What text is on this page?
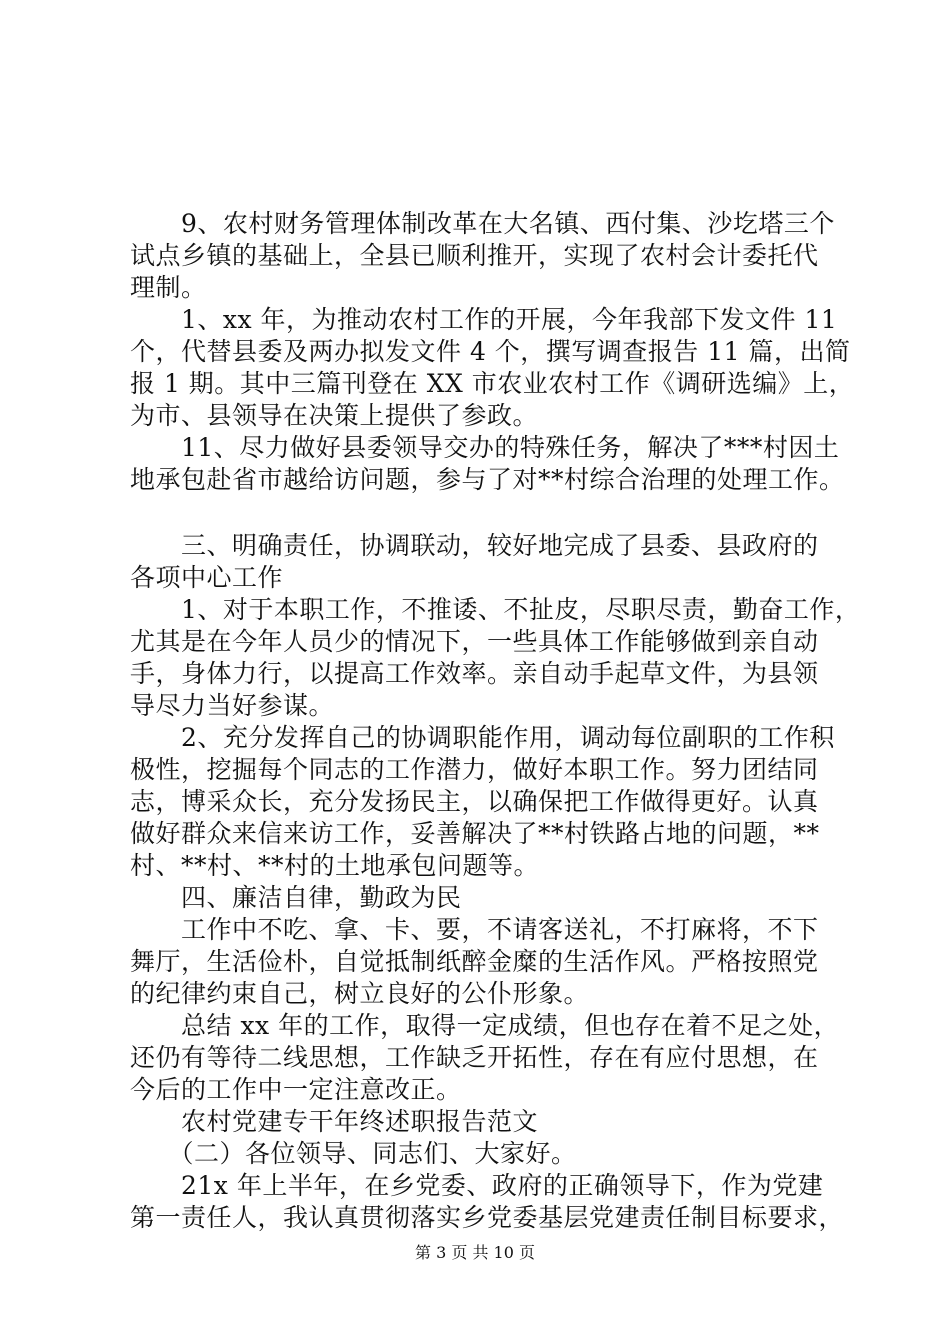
　　9、农村财务管理体制改革在大名镇、西付集、沙圪塔三个
试点乡镇的基础上，全县已顺利推开，实现了农村会计委托代
理制。
　　1、xx 年，为推动农村工作的开展，今年我部下发文件 11
个，代替县委及两办拟发文件 4 个，撰写调查报告 11 篇，出简
报 1 期。其中三篇刊登在 XX 市农业农村工作《调研选编》上，
为市、县领导在决策上提供了参政。
　　11、尽力做好县委领导交办的特殊任务，解决了***村因土
地承包赴省市越给访问题，参与了对**村综合治理的处理工作。
　　三、明确责任，协调联动，较好地完成了县委、县政府的
各项中心工作
　　1、对于本职工作，不推诿、不扯皮，尽职尽责，勤奋工作，
尤其是在今年人员少的情况下，一些具体工作能够做到亲自动
手，身体力行，以提高工作效率。亲自动手起草文件，为县领
导尽力当好参谋。
　　2、充分发挥自己的协调职能作用，调动每位副职的工作积
极性，挖掘每个同志的工作潜力，做好本职工作。努力团结同
志，博采众长，充分发扬民主，以确保把工作做得更好。认真
做好群众来信来访工作，妥善解决了**村铁路占地的问题，**
村、**村、**村的土地承包问题等。
　　四、廉洁自律，勤政为民
　　工作中不吃、拿、卡、要，不请客送礼，不打麻将，不下
舞厅，生活俭朴，自觉抵制纸醉金糜的生活作风。严格按照党
的纪律约束自己，树立良好的公仆形象。
　　总结 xx 年的工作，取得一定成绩，但也存在着不足之处，
还仍有等待二线思想，工作缺乏开拓性，存在有应付思想，在
今后的工作中一定注意改正。
　　农村党建专干年终述职报告范文
　　（二）各位领导、同志们、大家好。
　　21x 年上半年，在乡党委、政府的正确领导下，作为党建
第一责任人，我认真贯彻落实乡党委基层党建责任制目标要求，
第 3 页 共 10 页
